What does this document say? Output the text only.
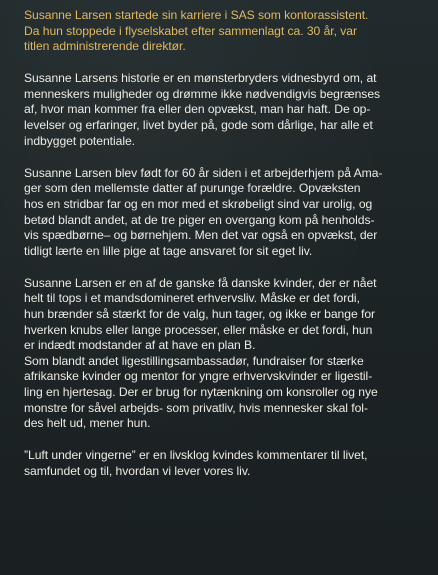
Susanne Larsen startede sin karriere i SAS som kontorassistent.
Da hun stoppede i flyselskabet efter sammenlagt ca. 30 år, var
titlen administrerende direktør.

Susanne Larsens historie er en mønsterbryders vidnesbyrd om, at
menneskers muligheder og drømme ikke nødvendigvis begrænses
af, hvor man kommer fra eller den opvækst, man har haft. De op-
levelser og erfaringer, livet byder på, gode som dårlige, har alle et
indbygget potentiale.

Susanne Larsen blev født for 60 år siden i et arbejderhjem på Ama-
ger som den mellemste datter af purunge forældre. Opvæksten
hos en stridbar far og en mor med et skrøbeligt sind var urolig, og
betød blandt andet, at de tre piger en overgang kom på henholds-
vis spædbørne– og børnehjem. Men det var også en opvækst, der
tidligt lærte en lille pige at tage ansvaret for sit eget liv.

Susanne Larsen er en af de ganske få danske kvinder, der er nået
helt til tops i et mandsdomineret erhvervsliv. Måske er det fordi,
hun brænder så stærkt for de valg, hun tager, og ikke er bange for
hverken knubs eller lange processer, eller måske er det fordi, hun
er indædt modstander af at have en plan B.
Som blandt andet ligestillingsambassadør, fundraiser for stærke
afrikanske kvinder og mentor for yngre erhvervskvinder er ligestil-
ling en hjertesag. Der er brug for nytænkning om konsroller og nye
monstre for såvel arbejds- som privatliv, hvis mennesker skal fol-
des helt ud, mener hun.

”Luft under vingerne” er en livsklog kvindes kommentarer til livet,
samfundet og til, hvordan vi lever vores liv.
